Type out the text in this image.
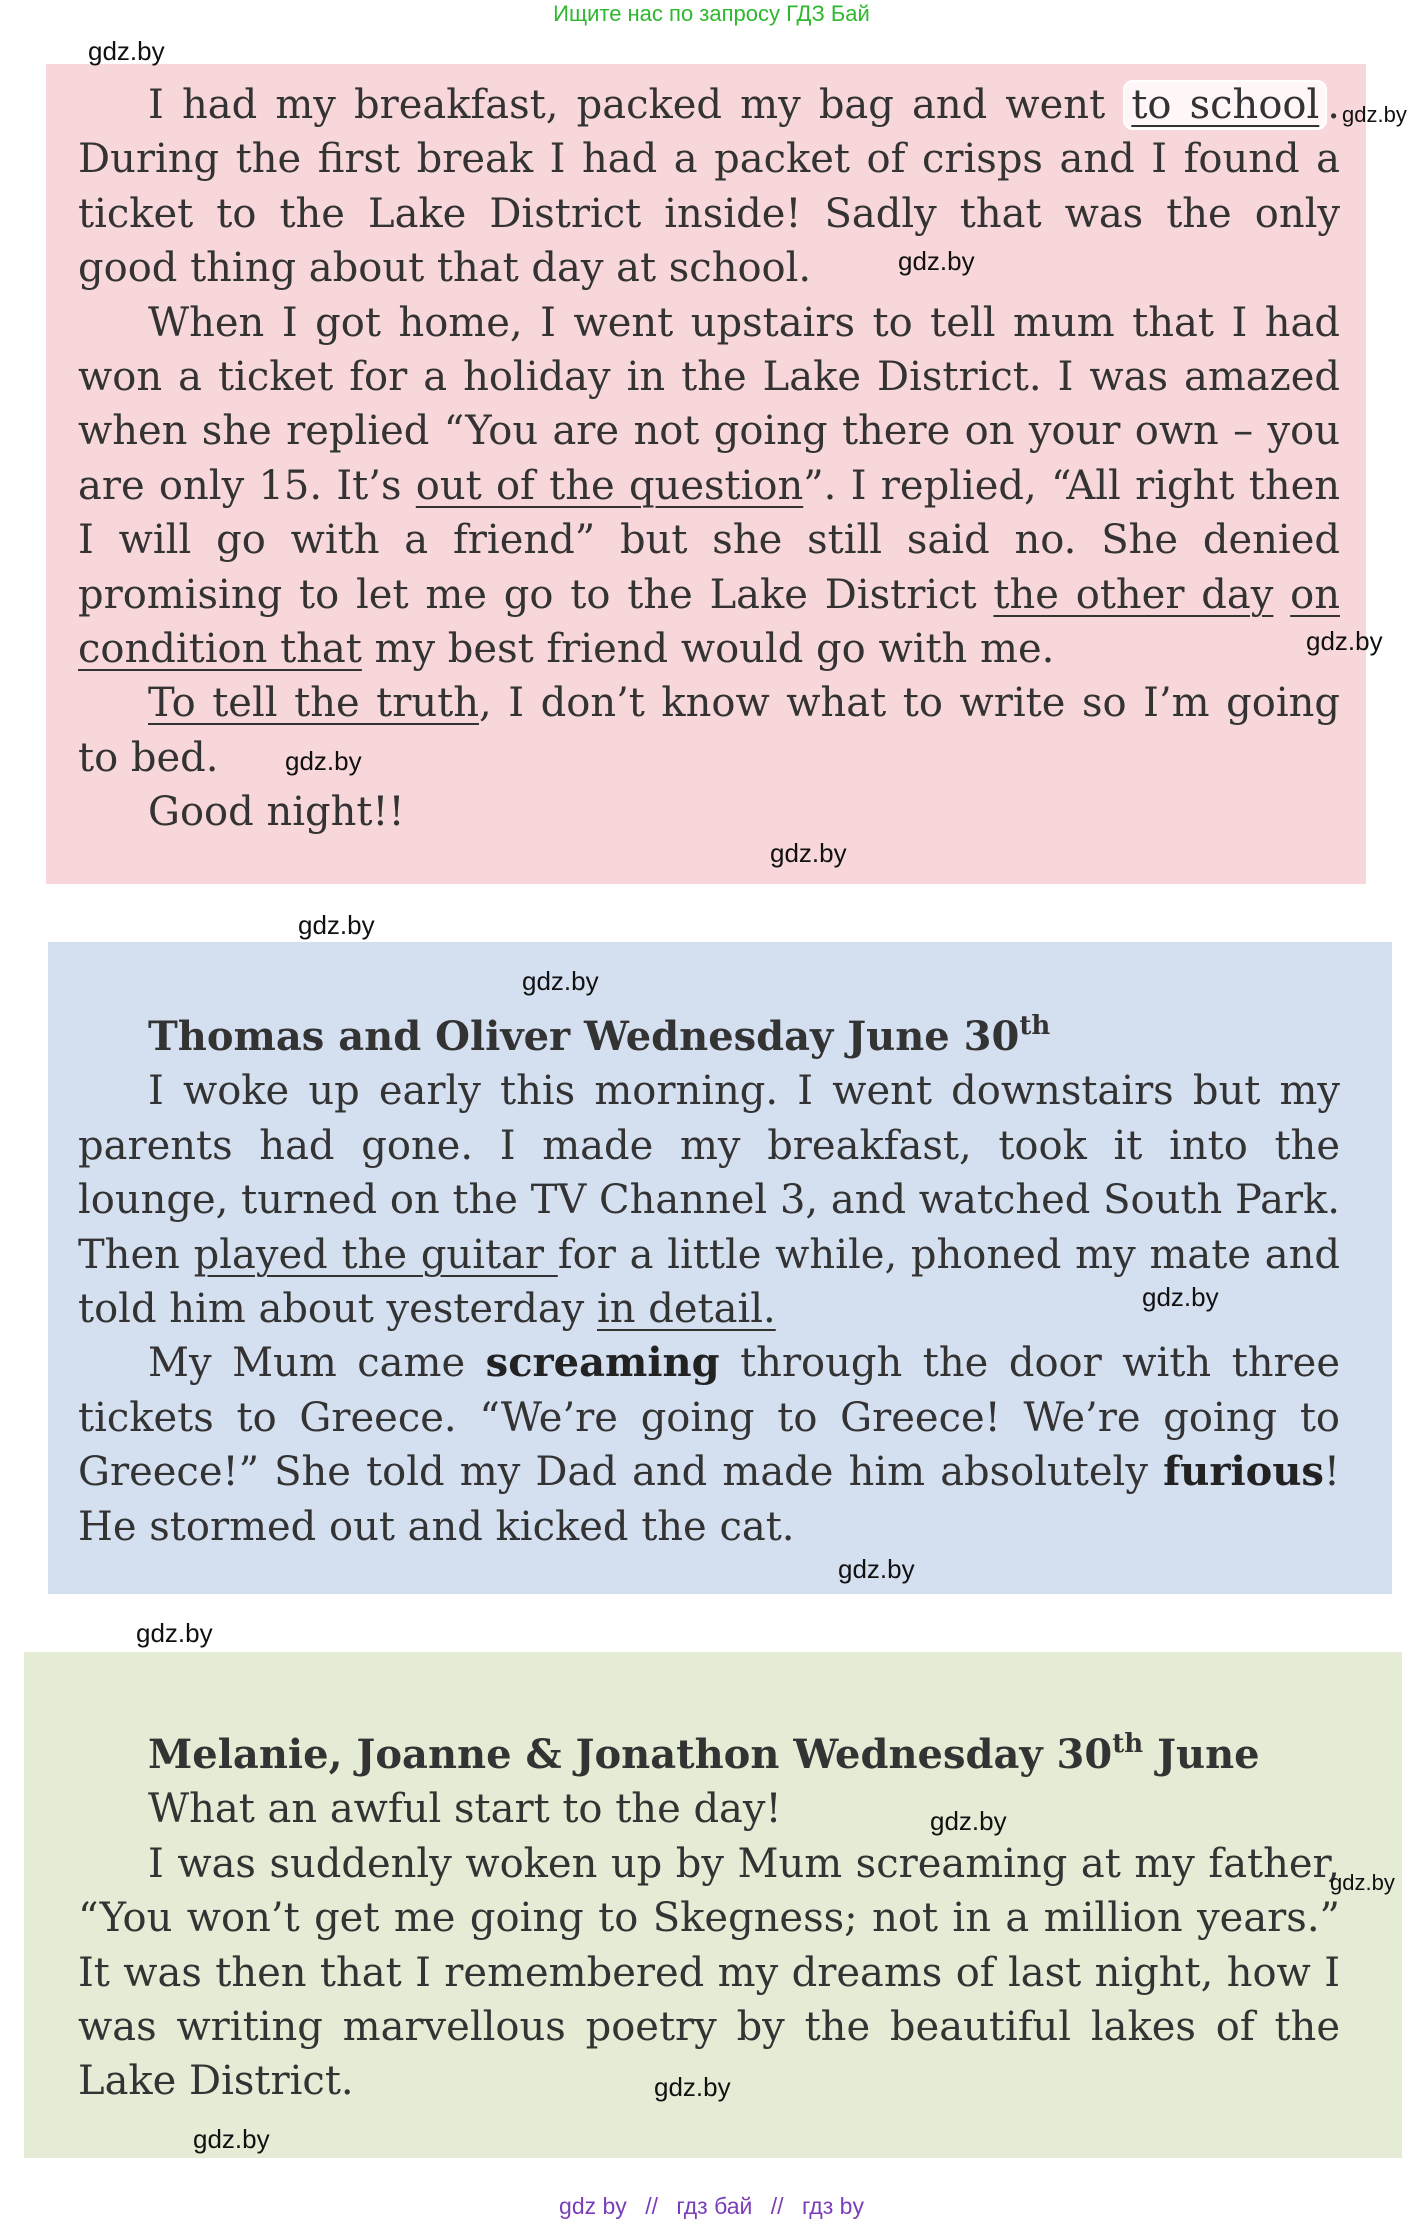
Ищите нас по запросу ГДЗ Бай

I had my breakfast, packed my bag and went to school . During the first break I had a packet of crisps and I found a ticket to the Lake District inside! Sadly that was the only good thing about that day at school.

When I got home, I went upstairs to tell mum that I had won a ticket for a holiday in the Lake District. I was amazed when she replied “You are not going there on your own – you are only 15. It’s out of the question”. I replied, “All right then I will go with a friend” but she still said no. She denied promising to let me go to the Lake District the other day on condition that my best friend would go with me.

To tell the truth, I don’t know what to write so I’m going to bed.

Good night!!

Thomas and Oliver Wednesday June 30th

I woke up early this morning. I went downstairs but my parents had gone. I made my breakfast, took it into the lounge, turned on the TV Channel 3, and watched South Park. Then played the guitar for a little while, phoned my mate and told him about yesterday in detail.

My Mum came screaming through the door with three tickets to Greece. “We’re going to Greece! We’re going to Greece!” She told my Dad and made him absolutely furious! He stormed out and kicked the cat.

Melanie, Joanne & Jonathon Wednesday 30th June

What an awful start to the day!

I was suddenly woken up by Mum screaming at my father, “You won’t get me going to Skegness; not in a million years.” It was then that I remembered my dreams of last night, how I was writing marvellous poetry by the beautiful lakes of the Lake District.

gdz.by
gdz.by
gdz.by
gdz.by
gdz.by
gdz.by
gdz.by
gdz.by
gdz.by
gdz.by
gdz.by
gdz.by
gdz.by
gdz.by
gdz.by
gdz by // гдз бай // гдз by
